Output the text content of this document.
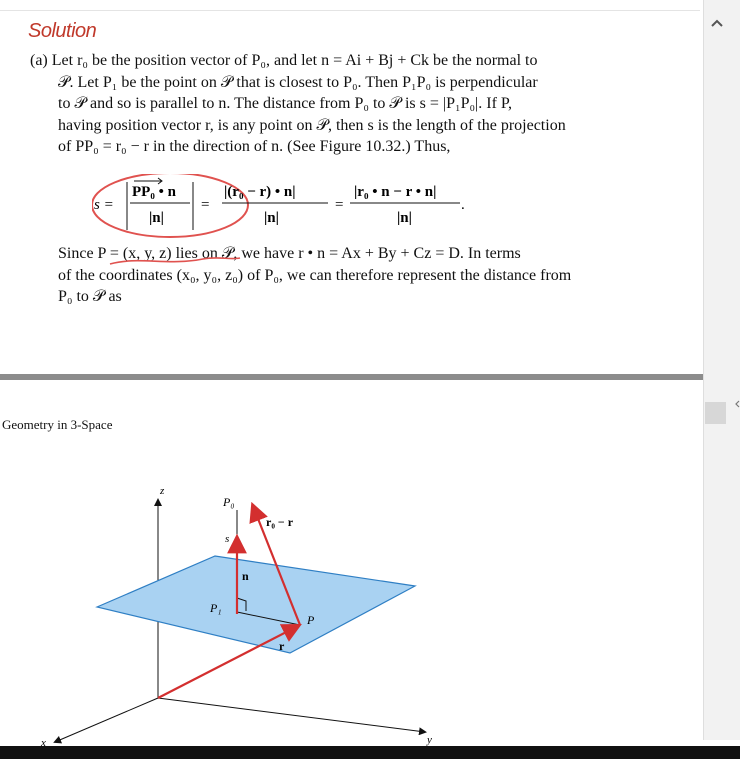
Solution
(a) Let r₀ be the position vector of P₀, and let n = Ai + Bj + Ck be the normal to
𝒫. Let P₁ be the point on 𝒫 that is closest to P₀. Then P₁P₀ is perpendicular
to 𝒫 and so is parallel to n. The distance from P₀ to 𝒫 is s = |P₁P₀|. If P,
having position vector r, is any point on 𝒫, then s is the length of the projection
of PP₀ = r₀ − r in the direction of n. (See Figure 10.32.) Thus,
s =
PP₀ • n
|n|
=
|(r₀ − r) • n|
|n|
=
|r₀ • n − r • n|
|n|
.
Since P = (x, y, z) lies on 𝒫, we have r • n = Ax + By + Cz = D. In terms
of the coordinates (x₀, y₀, z₀) of P₀, we can therefore represent the distance from
P₀ to 𝒫 as
Geometry in 3-Space
z
x	y
P₀
s
r₀ − r
n
P₁
P
r
